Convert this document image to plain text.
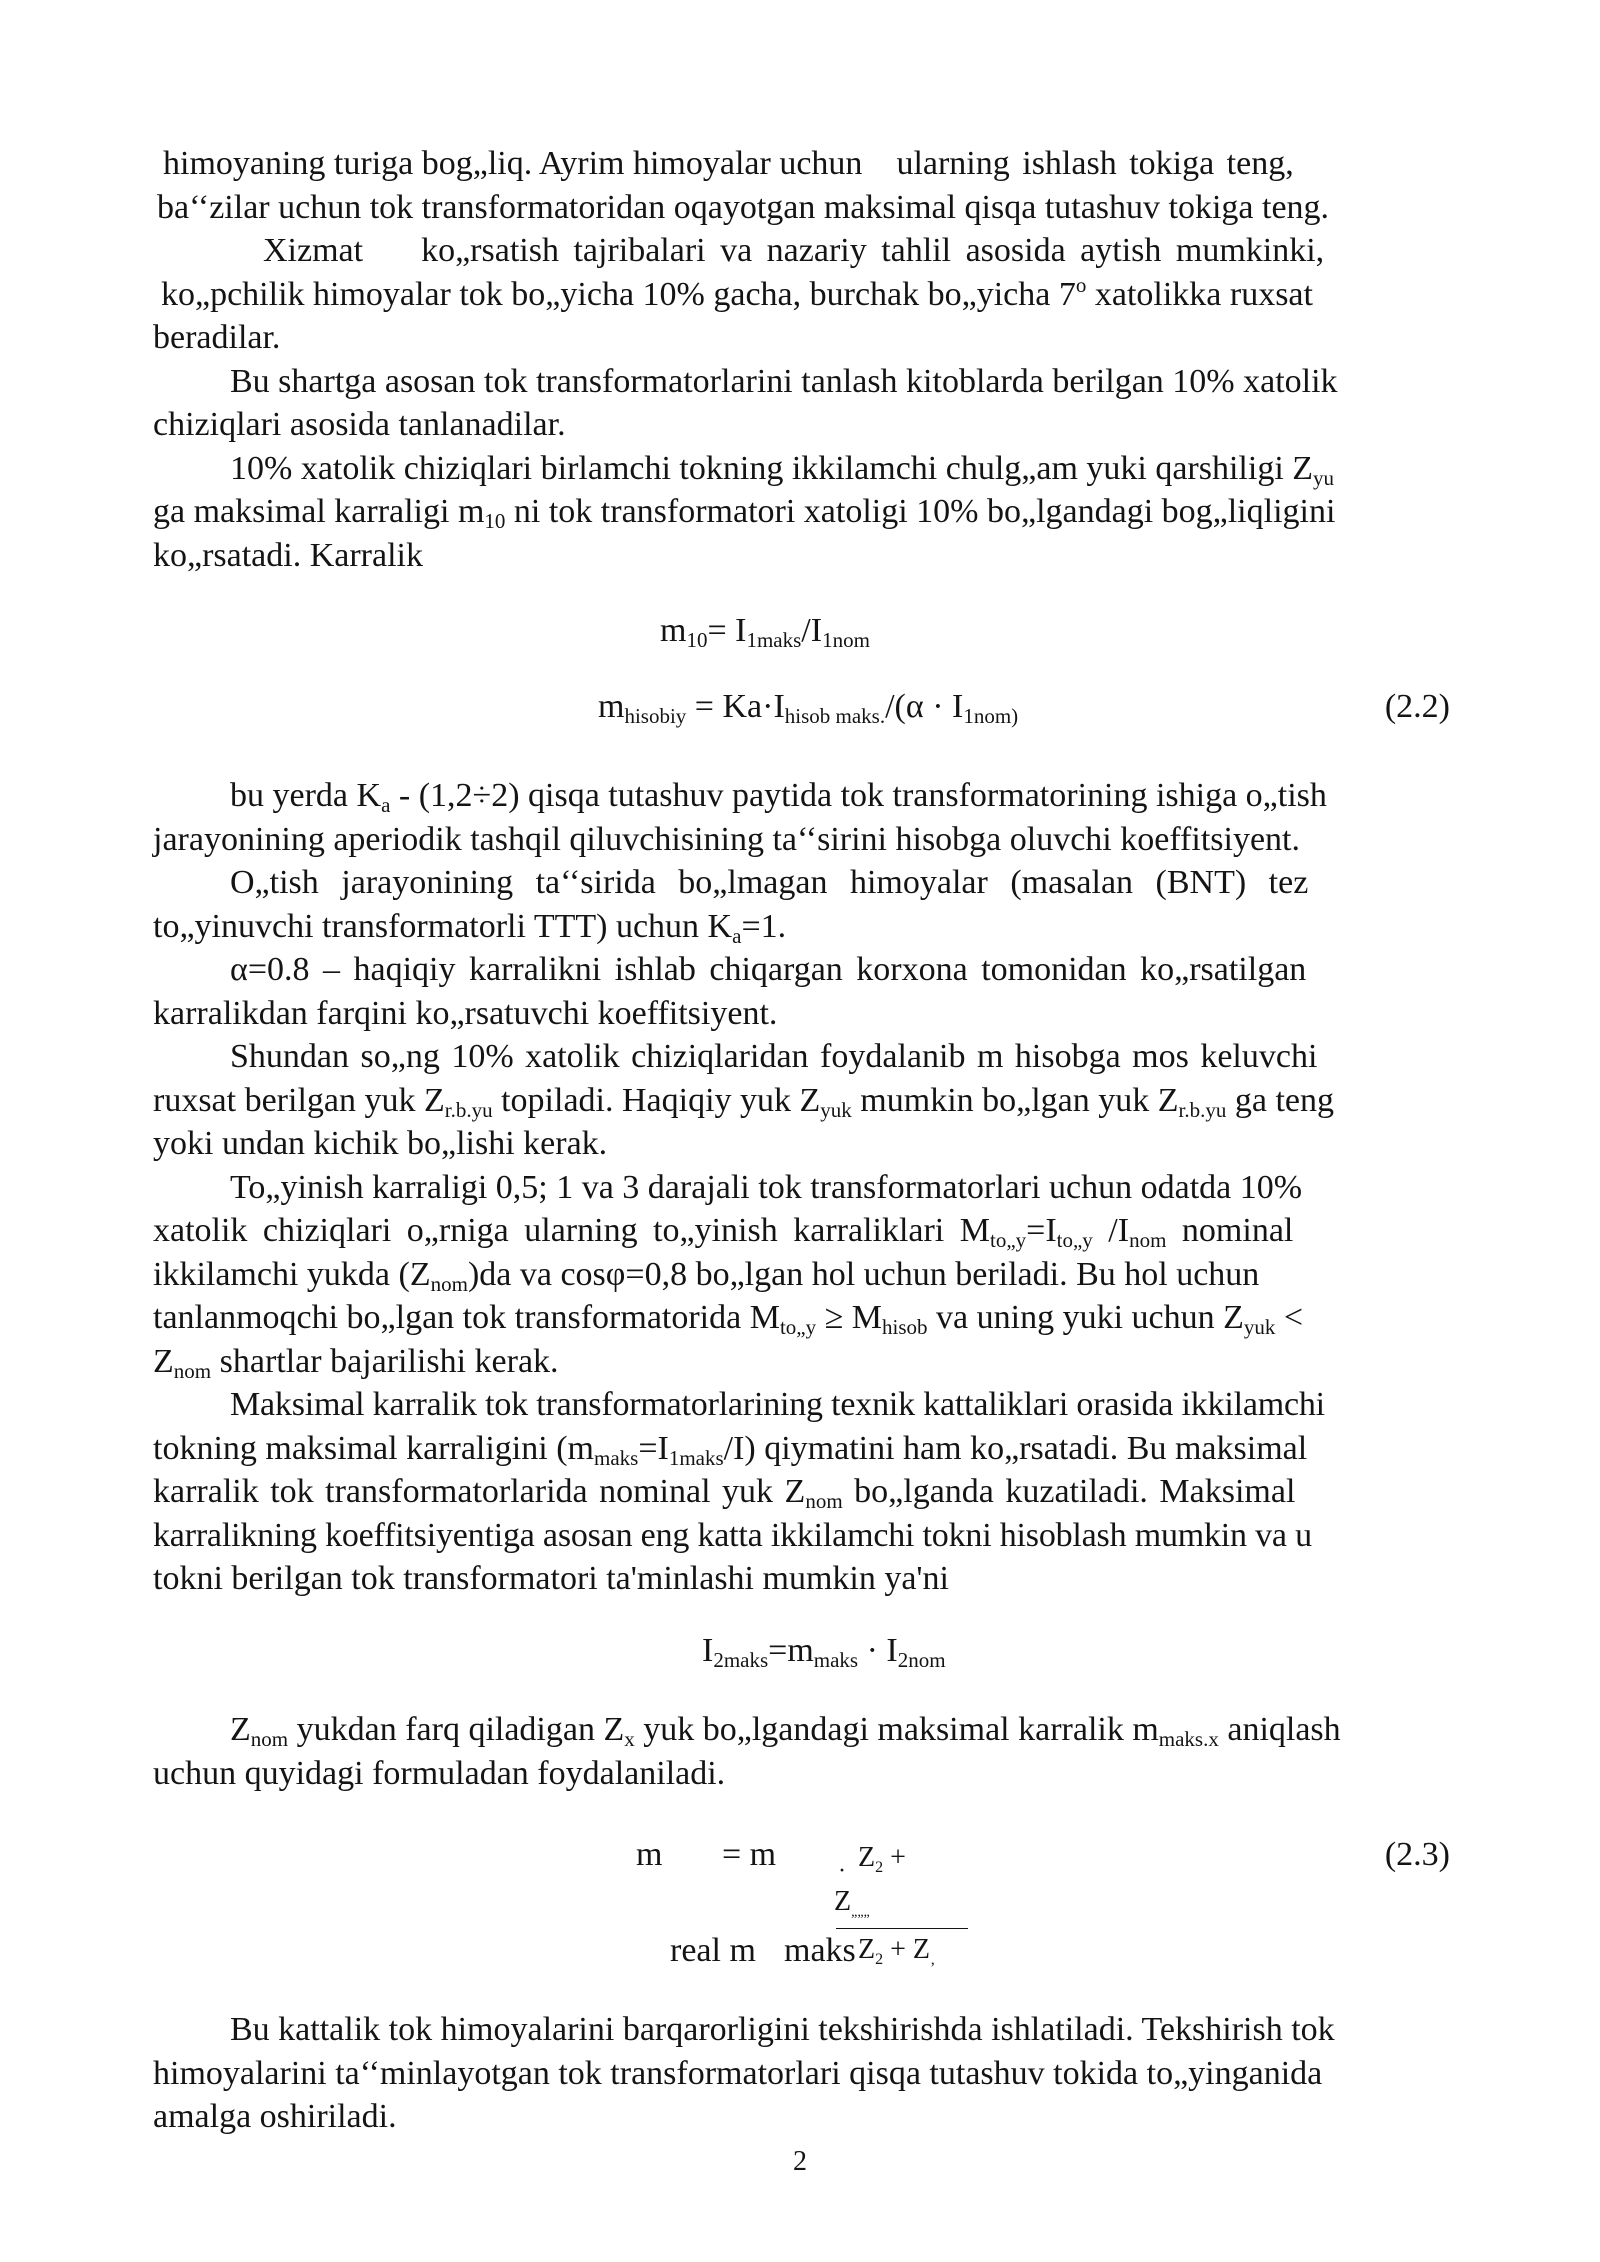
himoyaning turiga bog„liq. Ayrim himoyalar uchun ularning ishlash tokiga teng,
ba‘‘zilar uchun tok transformatoridan oqayotgan maksimal qisqa tutashuv tokiga teng.
Xizmat ko„rsatish tajribalari va nazariy tahlil asosida aytish mumkinki,
ko„pchilik himoyalar tok bo„yicha 10% gacha, burchak bo„yicha 7$^o$ xatolikka ruxsat
beradilar.
Bu shartga asosan tok transformatorlarini tanlash kitoblarda berilgan 10% xatolik
chiziqlari asosida tanlanadilar.
10% xatolik chiziqlari birlamchi tokning ikkilamchi chulg„am yuki qarshiligi $Z_{yu}$
ga maksimal karraligi $m_{10}$ ni tok transformatori xatoligi 10% bo„lgandagi bog„liqligini
ko„rsatadi. Karralik
$m_{10}= I_{1maks}/I_{1nom}$
$m_{hisobiy} = Ka\cdot I_{hisob maks.}/(\alpha \cdot I_{1nom)}$	(2.2)
bu yerda $K_a - (1,2\div 2)$ qisqa tutashuv paytida tok transformatorining ishiga o„tish
jarayonining aperiodik tashqil qiluvchisining ta‘‘sirini hisobga oluvchi koeffitsiyent.
O„tish jarayonining ta‘‘sirida bo„lmagan himoyalar (masalan (BNT) tez
to„yinuvchi transformatorli TTT) uchun $K_a=1$.
α=0.8 – haqiqiy karralikni ishlab chiqargan korxona tomonidan ko„rsatilgan
karralikdan farqini ko„rsatuvchi koeffitsiyent.
Shundan so„ng 10% xatolik chiziqlaridan foydalanib m hisobga mos keluvchi
ruxsat berilgan yuk $Z_{r.b.yu}$ topiladi. Haqiqiy yuk $Z_{yuk}$ mumkin bo„lgan yuk $Z_{r.b.yu}$ ga teng
yoki undan kichik bo„lishi kerak.
To„yinish karraligi 0,5; 1 va 3 darajali tok transformatorlari uchun odatda 10%
xatolik chiziqlari o„rniga ularning to„yinish karraliklari $M_{to„y}=I_{to„y}$ $/I_{nom}$ nominal
ikkilamchi yukda $(Z_{nom})da$ va cosφ=0,8 bo„lgan hol uchun beriladi. Bu hol uchun
tanlanmoqchi bo„lgan tok transformatorida $M_{to„y} \ge M_{hisob}$ va uning yuki uchun $Z_{yuk}$ <
$Z_{nom}$ shartlar bajarilishi kerak.
Maksimal karralik tok transformatorlarining texnik kattaliklari orasida ikkilamchi
tokning maksimal karraligini $(m_{maks}=I_{1maks}/I)$ qiymatini ham ko„rsatadi. Bu maksimal
karralik tok transformatorlarida nominal yuk $Z_{nom}$ bo„lganda kuzatiladi. Maksimal
karralikning koeffitsiyentiga asosan eng katta ikkilamchi tokni hisoblash mumkin va u
tokni berilgan tok transformatori ta'minlashi mumkin ya'ni
$I_{2maks}=m_{maks} \cdot I_{2nom}$
$Z_{nom}$ yukdan farq qiladigan $Z_x$ yuk bo„lgandagi maksimal karralik $m_{maks.x}$ aniqlash
uchun quyidagi formuladan foydalaniladi.
m = m	$Z_2$ +
·
$Z_{„„„}$
real m maks $Z_2 + Z_‚$
(2.3)
Bu kattalik tok himoyalarini barqarorligini tekshirishda ishlatiladi. Tekshirish tok
himoyalarini ta‘‘minlayotgan tok transformatorlari qisqa tutashuv tokida to„yinganida
amalga oshiriladi.
2
